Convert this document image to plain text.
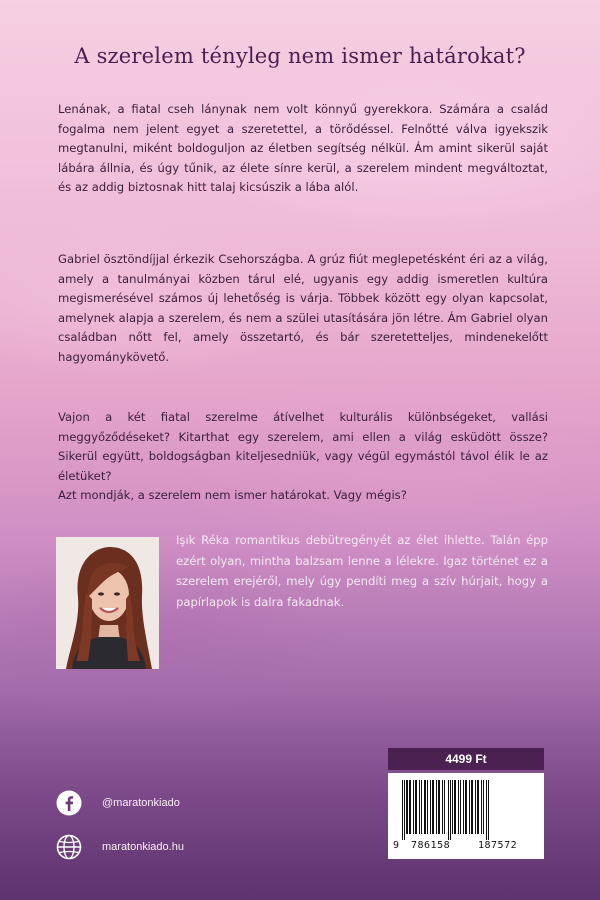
A szerelem tényleg nem ismer határokat?

Lenának, a fiatal cseh lánynak nem volt könnyű gyerekkora. Számára a család fogalma nem jelent egyet a szeretettel, a törődéssel. Felnőtté válva igyekszik megtanulni, miként boldoguljon az életben segítség nélkül. Ám amint sikerül saját lábára állnia, és úgy tűnik, az élete sínre kerül, a szerelem mindent megváltoztat, és az addig biztosnak hitt talaj kicsúszik a lába alól.

Gabriel ösztöndíjjal érkezik Csehországba. A grúz fiút meglepetésként éri az a világ, amely a tanulmányai közben tárul elé, ugyanis egy addig ismeretlen kultúra megismerésével számos új lehetőség is várja. Többek között egy olyan kapcsolat, amelynek alapja a szerelem, és nem a szülei utasítására jön létre. Ám Gabriel olyan családban nőtt fel, amely összetartó, és bár szeretetteljes, mindenekelőtt hagyománykövető.

Vajon a két fiatal szerelme átívelhet kulturális különbségeket, vallási meggyőződéseket? Kitarthat egy szerelem, ami ellen a világ esküdött össze? Sikerül együtt, boldogságban kiteljesedniük, vagy végül egymástól távol élik le az életüket?
Azt mondják, a szerelem nem ismer határokat. Vagy mégis?

Işık Réka romantikus debütregényét az élet ihlette. Talán épp ezért olyan, mintha balzsam lenne a lélekre. Igaz történet ez a szerelem erejéről, mely úgy pendíti meg a szív húrjait, hogy a papírlapok is dalra fakadnak.

@maratonkiado
maratonkiado.hu
4499 Ft
9 786158	187572
